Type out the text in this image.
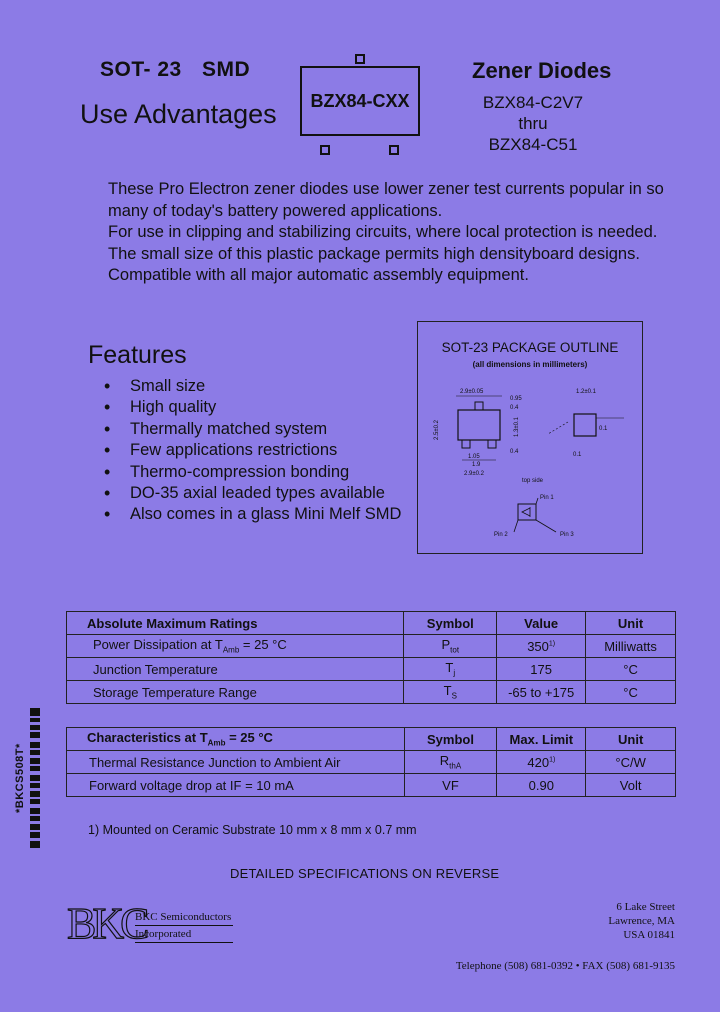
SOT- 23 SMD
Use Advantages BZX84-CXX
Zener Diodes
BZX84-C2V7
thru
BZX84-C51

These Pro Electron zener diodes use lower zener test currents popular in so many of today's battery powered applications.

For use in clipping and stabilizing circuits, where local protection is needed.

The small size of this plastic package permits high densityboard designs.

Compatible with all major automatic assembly equipment.

Features
• Small size
• High quality
• Thermally matched system
• Few applications restrictions
• Thermo-compression bonding
• DO-35 axial leaded types available
• Also comes in a glass Mini Melf SMD
SOT-23 PACKAGE OUTLINE
(all dimensions in millimeters)
2.9±0.05
0.95
0.4
2.5±0.2	1.3±0.1
0.4
1.05
1.9
2.9±0.2
1.2±0.1
0.1
0.1
top side
Pin 1
Pin 2	Pin 3
Absolute Maximum Ratings	Symbol	Value	Unit
Power Dissipation at $T_{Amb} = 25$ °C	$P_{tot}$	350$^{1)}$	Milliwatts
Junction Temperature	$T_j$	175	°C
Storage Temperature Range	$T_S$	-65 to +175	°C
Characteristics at $T_{Amb} = 25$ °C	Symbol	Max. Limit	Unit
Thermal Resistance Junction to Ambient Air	$R_{thA}$	420$^{1)}$	°C/W
Forward voltage drop at IF = 10 mA	VF	0.90	Volt
1) Mounted on Ceramic Substrate 10 mm x 8 mm x 0.7 mm
DETAILED SPECIFICATIONS ON REVERSE
BKC
BKC Semiconductors
Incorporated
6 Lake Street
Lawrence, MA
USA 01841
Telephone (508) 681-0392 • FAX (508) 681-9135
*BKCS508T*
